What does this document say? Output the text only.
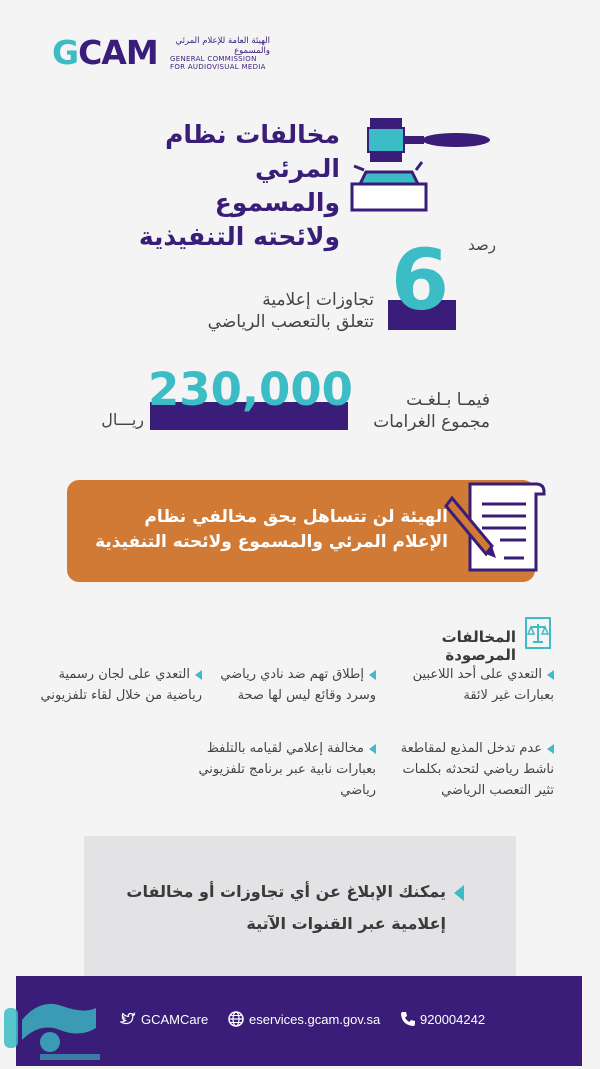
GCAM	الهيئة العامة للإعلام المرئي والمسموع
GENERAL COMMISSION
FOR AUDIOVISUAL MEDIA
مخالفات نظام
المرئي والمسموع
ولائحته التنفيذية	رصد
6
تجاوزات إعلامية
تتعلق بالتعصب الرياضي
230,000
ريـــال
فيمـا بـلغـت
مجموع الغرامات
الهيئة لن تتساهل بحق مخالفي نظام
الإعلام المرئي والمسموع ولائحته التنفيذية
المخالفات المرصودة
التعدي على أحد اللاعبين
بعبارات غير لائقة
إطلاق تهم ضد نادي رياضي
وسرد وقائع ليس لها صحة
التعدي على لجان رسمية
رياضية من خلال لقاء تلفزيوني
عدم تدخل المذيع لمقاطعة
ناشط رياضي لتحدثه بكلمات
تثير التعصب الرياضي
مخالفة إعلامي لقيامه بالتلفظ
بعبارات نابية عبر برنامج تلفزيوني
رياضي
يمكنك الإبلاغ عن أي تجاوزات أو مخالفات
إعلامية عبر القنوات الآتية
920004242
eservices.gcam.gov.sa
GCAMCare
